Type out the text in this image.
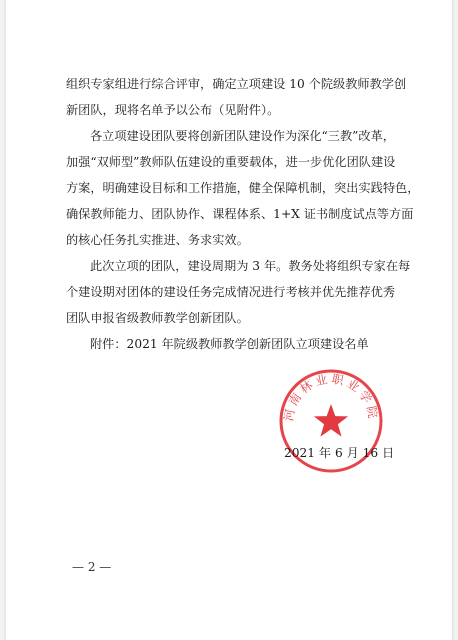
组织专家组进行综合评审，确定立项建设 10 个院级教师教学创
新团队，现将名单予以公布（见附件）。
各立项建设团队要将创新团队建设作为深化“三教”改革，
加强“双师型”教师队伍建设的重要载体，进一步优化团队建设
方案，明确建设目标和工作措施，健全保障机制，突出实践特色，
确保教师能力、团队协作、课程体系、1+X 证书制度试点等方面
的核心任务扎实推进、务求实效。
此次立项的团队，建设周期为 3 年。教务处将组织专家在每
个建设期对团体的建设任务完成情况进行考核并优先推荐优秀
团队申报省级教师教学创新团队。
附件：2021 年院级教师教学创新团队立项建设名单
河南林业职业学院
2021 年 6 月 16 日
— 2 —
